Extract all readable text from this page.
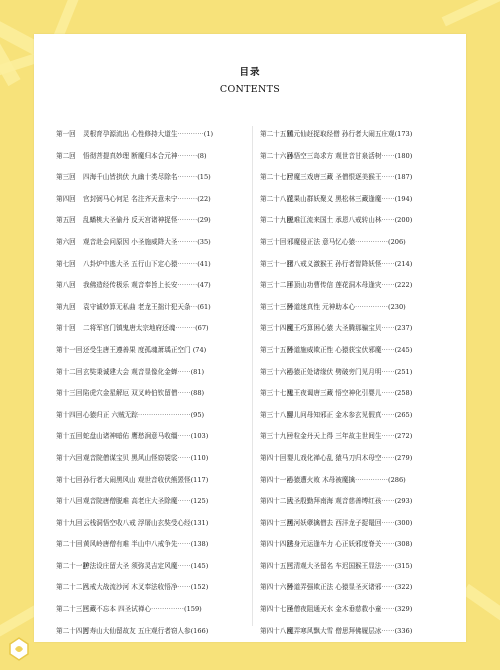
目录
CONTENTS
第一回 灵根育孕源流出 心性修持大道生⋯⋯⋯⋯(1)
第二回 悟彻菩提真妙理 断魔归本合元神⋯⋯⋯(8)
第三回 四海千山皆拱伏 九幽十类尽除名⋯⋯⋯(15)
第四回 官封弼马心何足 名注齐天意未宁⋯⋯⋯(22)
第五回 乱蟠桃大圣偷丹 反天宫诸神捉怪⋯⋯⋯(29)
第六回 观音赴会问原因 小圣施威降大圣⋯⋯⋯(35)
第七回 八卦炉中逃大圣 五行山下定心猿⋯⋯⋯(41)
第八回 我佛造经传极乐 观音奉旨上长安⋯⋯⋯(47)
第九回 袁守诚妙算无私曲 老龙王拙计犯天条⋯(61)
第十回 二将军宫门镇鬼唐太宗地府还魂⋯⋯⋯(67)
第十一回还受生唐王遵善果 度孤魂萧瑀正空门 (74)
第十二回玄奘秉诚建大会 观音显像化金蝉⋯⋯(81)
第十三回陷虎穴金星解厄 双叉岭伯钦留僧⋯⋯(88)
第十四回心猿归正 六贼无踪⋯⋯⋯⋯⋯⋯⋯⋯(95)
第十五回蛇盘山诸神暗佑 鹰愁涧意马收缰⋯⋯(103)
第十六回观音院僧谋宝贝 黑风山怪窃袈裟⋯⋯(110)
第十七回孙行者大闹黑风山 观世音收伏熊罴怪(117)
第十八回观音院唐僧脱难 高老庄大圣除魔⋯⋯(125)
第十九回云栈洞悟空收八戒 浮屠山玄奘受心经(131)
第二十回黄风岭唐僧有难 半山中八戒争先⋯⋯(138)
第二十一回护法设庄留大圣 须弥灵吉定风魔⋯⋯(145)
第二十二回八戒大战流沙河 木叉奉法收悟净⋯⋯(152)
第二十三回三藏不忘本 四圣试禅心⋯⋯⋯⋯⋯(159)
第二十四回万寿山大仙留故友 五庄观行者窃人参(166)
第二十五回镇元仙赶捉取经僧 孙行者大闹五庄观(173)
第二十六回孙悟空三岛求方 观世音甘泉活树⋯⋯(180)
第二十七回尸魔三戏唐三藏 圣僧恨逐美猴王⋯⋯(187)
第二十八回花果山群妖聚义 黑松林三藏逢魔⋯⋯(194)
第二十九回脱难江流来国土 承恩八戒转山林⋯⋯(200)
第三十回邪魔侵正法 意马忆心猿⋯⋯⋯⋯⋯(206)
第三十一回猪八戒义激猴王 孙行者智降妖怪⋯⋯(214)
第三十二回平顶山功曹传信 莲花洞木母逢灾⋯⋯(222)
第三十三回外道迷真性 元神助本心⋯⋯⋯⋯⋯(230)
第三十四回魔王巧算困心猿 大圣腾那骗宝贝⋯⋯(237)
第三十五回外道施威欺正性 心猿获宝伏邪魔⋯⋯(245)
第三十六回心猿正处诸缘伏 劈破旁门见月明⋯⋯(251)
第三十七回鬼王夜谒唐三藏 悟空神化引婴儿⋯⋯(258)
第三十八回婴儿问母知邪正 金木参玄见假真⋯⋯(265)
第三十九回一粒金丹天上得 三年故主世间生⋯⋯(272)
第四十回婴儿戏化禅心乱 猿马刀归木母空⋯⋯(279)
第四十一回心猿遭火败 木母被魔擒⋯⋯⋯⋯⋯(286)
第四十二回大圣殷勤拜南海 观音慈善缚红孩⋯⋯(293)
第四十三回黑河妖孽擒僧去 西洋龙子捉鼍回⋯⋯(300)
第四十四回法身元运逢车力 心正妖邪度脊关⋯⋯(308)
第四十五回三清观大圣留名 车迟国猴王显法⋯⋯(315)
第四十六回外道弄强欺正法 心猿显圣灭诸邪⋯⋯(322)
第四十七回圣僧夜阻通天水 金木垂慈救小童⋯⋯(329)
第四十八回魔弄寒风飘大雪 僧思拜佛履层冰⋯⋯(336)
